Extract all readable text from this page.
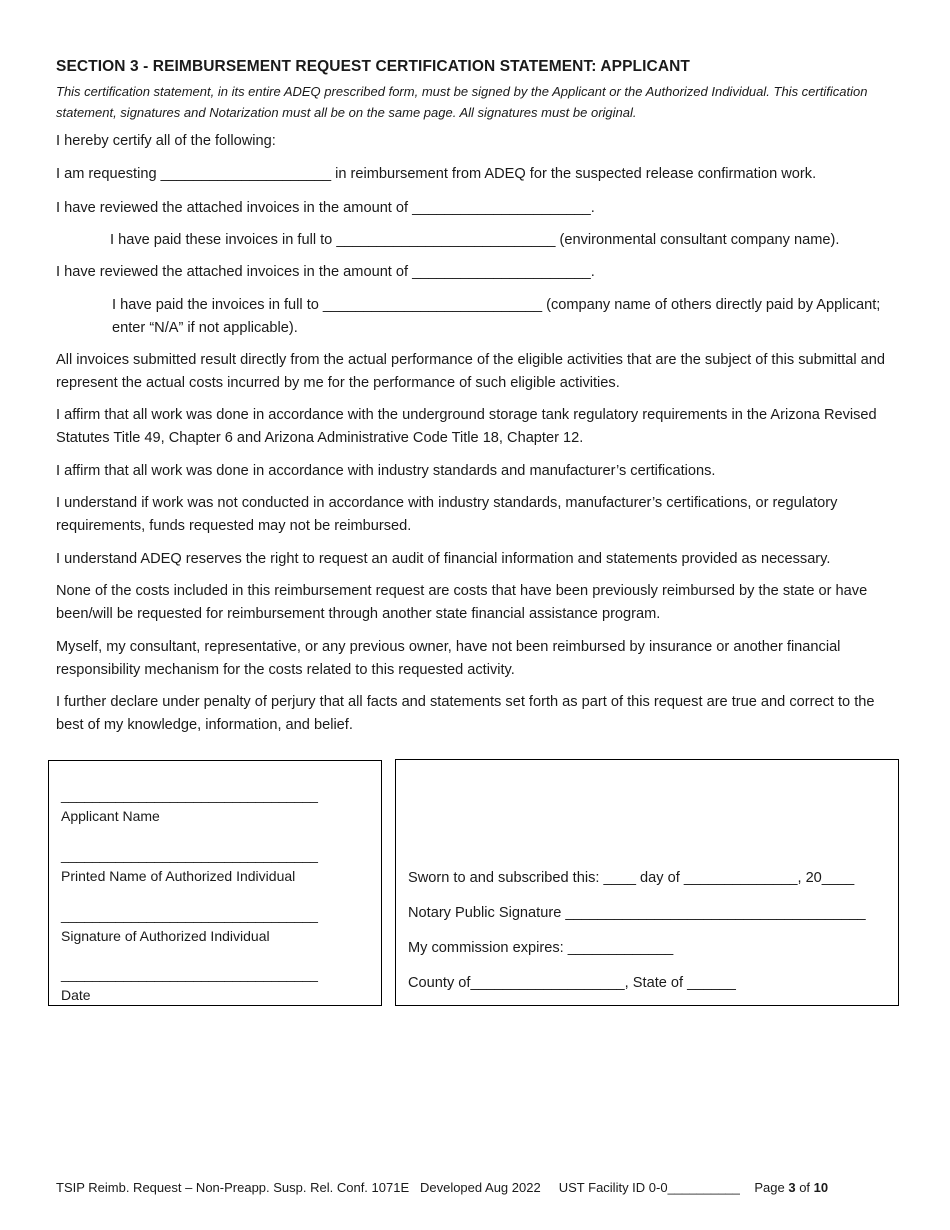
SECTION 3 - REIMBURSEMENT REQUEST CERTIFICATION STATEMENT: APPLICANT
This certification statement, in its entire ADEQ prescribed form, must be signed by the Applicant or the Authorized Individual. This certification statement, signatures and Notarization must all be on the same page. All signatures must be original.
I hereby certify all of the following:
I am requesting _____________________ in reimbursement from ADEQ for the suspected release confirmation work.
I have reviewed the attached invoices in the amount of ______________________.
I have paid these invoices in full to ___________________________ (environmental consultant company name).
I have reviewed the attached invoices in the amount of ______________________.
I have paid the invoices in full to ___________________________ (company name of others directly paid by Applicant; enter “N/A” if not applicable).
All invoices submitted result directly from the actual performance of the eligible activities that are the subject of this submittal and represent the actual costs incurred by me for the performance of such eligible activities.
I affirm that all work was done in accordance with the underground storage tank regulatory requirements in the Arizona Revised Statutes Title 49, Chapter 6 and Arizona Administrative Code Title 18, Chapter 12.
I affirm that all work was done in accordance with industry standards and manufacturer’s certifications.
I understand if work was not conducted in accordance with industry standards, manufacturer’s certifications, or regulatory requirements, funds requested may not be reimbursed.
I understand ADEQ reserves the right to request an audit of financial information and statements provided as necessary.
None of the costs included in this reimbursement request are costs that have been previously reimbursed by the state or have been/will be requested for reimbursement through another state financial assistance program.
Myself, my consultant, representative, or any previous owner, have not been reimbursed by insurance or another financial responsibility mechanism for the costs related to this requested activity.
I further declare under penalty of perjury that all facts and statements set forth as part of this request are true and correct to the best of my knowledge, information, and belief.
_________________________________
Applicant Name
_________________________________
Printed Name of Authorized Individual
_________________________________
Signature of Authorized Individual
_________________________________
Date
Sworn to and subscribed this: ____ day of ______________, 20____
Notary Public Signature _____________________________________
My commission expires: _____________
County of___________________, State of ______
TSIP Reimb. Request – Non-Preapp. Susp. Rel. Conf. 1071E Developed Aug 2022 UST Facility ID 0-0__________ Page 3 of 10
